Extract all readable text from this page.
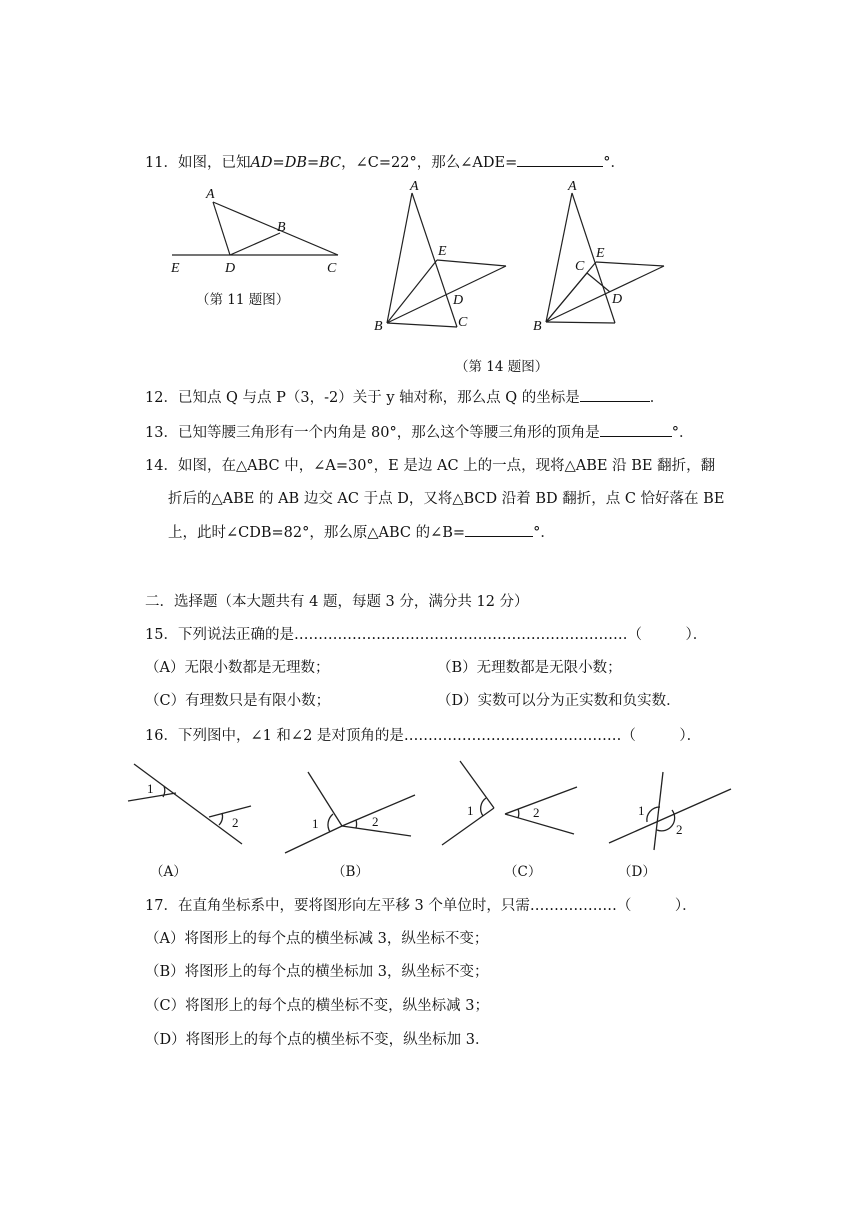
11．如图，已知AD=DB=BC，∠C=22°，那么∠ADE=	°．
A
B
E	D	C
A
E
D
B	C
A
E
C
D
B
1
2	1	2
1	2	1
2
（第 11 题图）
（第 14 题图）
12．已知点 Q 与点 P（3，-2）关于 y 轴对称，那么点 Q 的坐标是	．
13．已知等腰三角形有一个内角是 80°，那么这个等腰三角形的顶角是	°．
14．如图，在△ABC 中，∠A=30°，E 是边 AC 上的一点，现将△ABE 沿 BE 翻折，翻
折后的△ABE 的 AB 边交 AC 于点 D，又将△BCD 沿着 BD 翻折，点 C 恰好落在 BE
上，此时∠CDB=82°，那么原△ABC 的∠B=	°．
二．选择题（本大题共有 4 题，每题 3 分，满分共 12 分）
15．下列说法正确的是……………………………………………………………（　　　）．
（A）无限小数都是无理数；	（B）无理数都是无限小数；
（C）有理数只是有限小数；	（D）实数可以分为正实数和负实数．
16．下列图中，∠1 和∠2 是对顶角的是………………………………………（　　　）．
（A）	（B）	（C）	（D）
17．在直角坐标系中，要将图形向左平移 3 个单位时，只需………………（　　　）．
（A）将图形上的每个点的横坐标减 3，纵坐标不变；
（B）将图形上的每个点的横坐标加 3，纵坐标不变；
（C）将图形上的每个点的横坐标不变，纵坐标减 3；
（D）将图形上的每个点的横坐标不变，纵坐标加 3．
